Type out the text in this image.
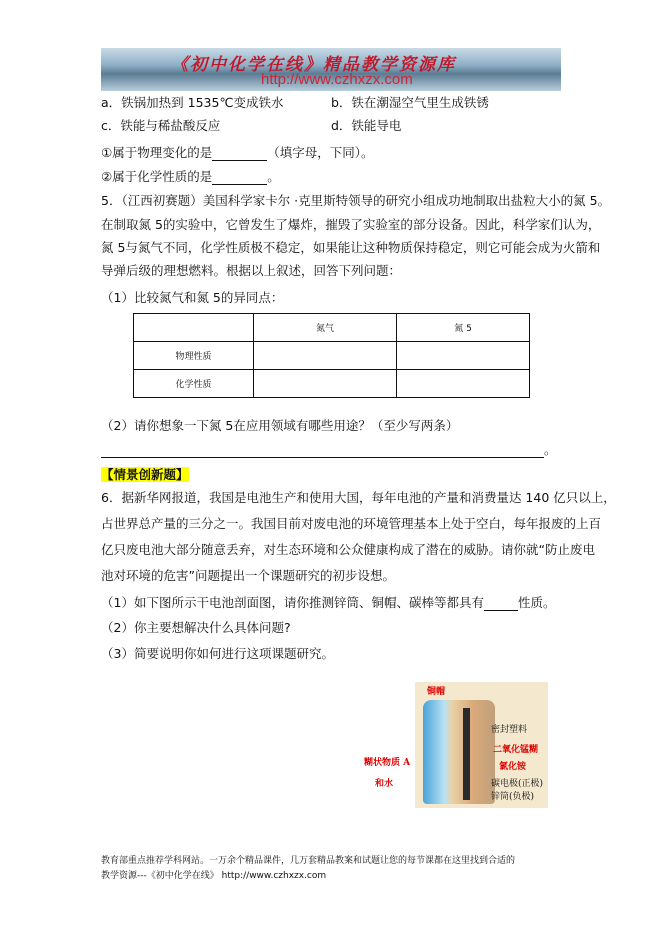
《初中化学在线》精品教学资源库
http://www.czhxzx.com
a．铁锅加热到 1535℃变成铁水	b．铁在潮湿空气里生成铁锈
c．铁能与稀盐酸反应	d．铁能导电
①属于物理变化的是	（填字母，下同）。
②属于化学性质的是	。
5．（江西初赛题）美国科学家卡尔 ·克里斯特领导的研究小组成功地制取出盐粒大小的氮 5。
在制取氮 5的实验中，它曾发生了爆炸，摧毁了实验室的部分设备。因此，科学家们认为，
氮 5与氮气不同，化学性质极不稳定，如果能让这种物质保持稳定，则它可能会成为火箭和
导弹后级的理想燃料。根据以上叙述，回答下列问题：
（1）比较氮气和氮 5的异同点：
	氮气	氮 5
物理性质		
化学性质		
（2）请你想象一下氮 5在应用领域有哪些用途？（至少写两条）
。
【情景创新题】
6．据新华网报道，我国是电池生产和使用大国，每年电池的产量和消费量达 140 亿只以上，
占世界总产量的三分之一。我国目前对废电池的环境管理基本上处于空白，每年报废的上百
亿只废电池大部分随意丢弃，对生态环境和公众健康构成了潜在的威胁。请你就“防止废电
池对环境的危害”问题提出一个课题研究的初步设想。
（1）如下图所示干电池剖面图，请你推测锌筒、铜帽、碳棒等都具有	性质。
（2）你主要想解决什么具体问题?
（3）简要说明你如何进行这项课题研究。
铜帽
密封塑料
二氧化锰糊
氯化铵
碳电极(正极)
锌筒(负极)
糊状物质 A
和水
教育部重点推荐学科网站。一万余个精品课件，几万套精品教案和试题让您的每节课都在这里找到合适的
教学资源---《初中化学在线》 http://www.czhxzx.com
